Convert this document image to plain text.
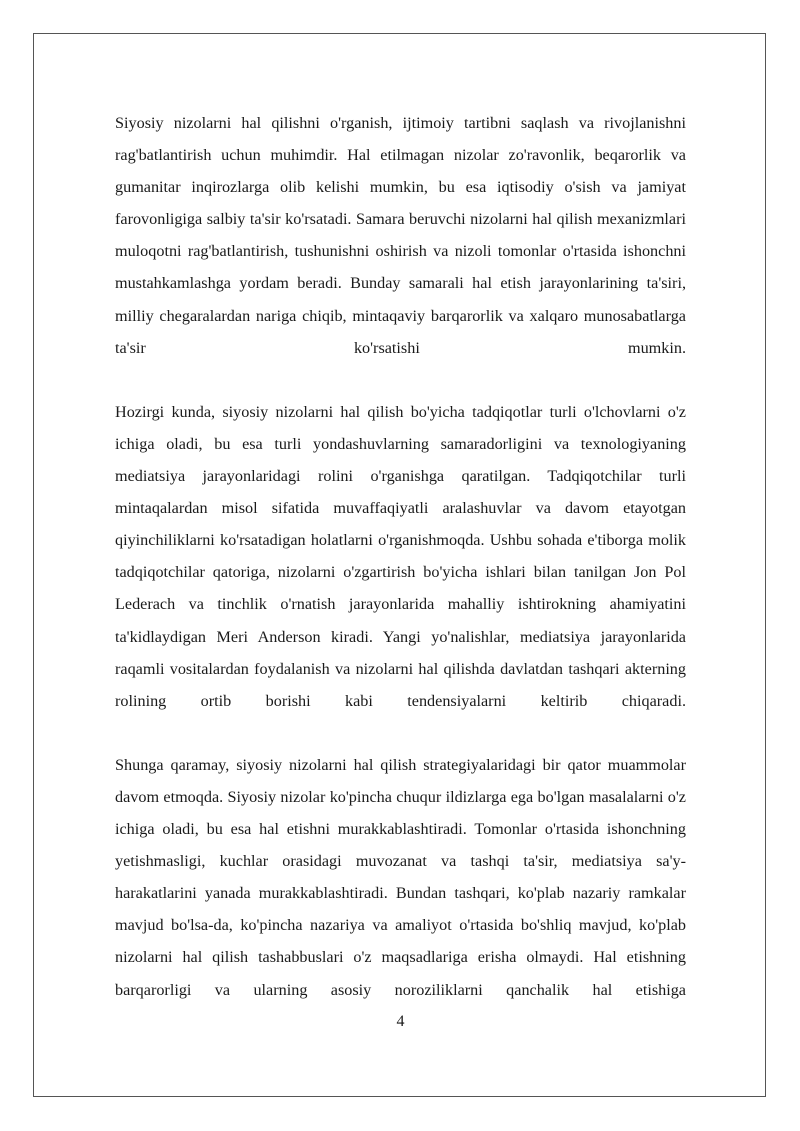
Siyosiy nizolarni hal qilishni o'rganish, ijtimoiy tartibni saqlash va rivojlanishni rag'batlantirish uchun muhimdir. Hal etilmagan nizolar zo'ravonlik, beqarorlik va gumanitar inqirozlarga olib kelishi mumkin, bu esa iqtisodiy o'sish va jamiyat farovonligiga salbiy ta'sir ko'rsatadi. Samara beruvchi nizolarni hal qilish mexanizmlari muloqotni rag'batlantirish, tushunishni oshirish va nizoli tomonlar o'rtasida ishonchni mustahkamlashga yordam beradi. Bunday samarali hal etish jarayonlarining ta'siri, milliy chegaralardan nariga chiqib, mintaqaviy barqarorlik va xalqaro munosabatlarga ta'sir ko'rsatishi mumkin.

Hozirgi kunda, siyosiy nizolarni hal qilish bo'yicha tadqiqotlar turli o'lchovlarni o'z ichiga oladi, bu esa turli yondashuvlarning samaradorligini va texnologiyaning mediatsiya jarayonlaridagi rolini o'rganishga qaratilgan. Tadqiqotchilar turli mintaqalardan misol sifatida muvaffaqiyatli aralashuvlar va davom etayotgan qiyinchiliklarni ko'rsatadigan holatlarni o'rganishmoqda. Ushbu sohada e'tiborga molik tadqiqotchilar qatoriga, nizolarni o'zgartirish bo'yicha ishlari bilan tanilgan Jon Pol Lederach va tinchlik o'rnatish jarayonlarida mahalliy ishtirokning ahamiyatini ta'kidlaydigan Meri Anderson kiradi. Yangi yo'nalishlar, mediatsiya jarayonlarida raqamli vositalardan foydalanish va nizolarni hal qilishda davlatdan tashqari akterning rolining ortib borishi kabi tendensiyalarni keltirib chiqaradi.

Shunga qaramay, siyosiy nizolarni hal qilish strategiyalaridagi bir qator muammolar davom etmoqda. Siyosiy nizolar ko'pincha chuqur ildizlarga ega bo'lgan masalalarni o'z ichiga oladi, bu esa hal etishni murakkablashtiradi. Tomonlar o'rtasida ishonchning yetishmasligi, kuchlar orasidagi muvozanat va tashqi ta'sir, mediatsiya sa'y-harakatlarini yanada murakkablashtiradi. Bundan tashqari, ko'plab nazariy ramkalar mavjud bo'lsa-da, ko'pincha nazariya va amaliyot o'rtasida bo'shliq mavjud, ko'plab nizolarni hal qilish tashabbuslari o'z maqsadlariga erisha olmaydi. Hal etishning barqarorligi va ularning asosiy noroziliklarni qanchalik hal etishiga

4
